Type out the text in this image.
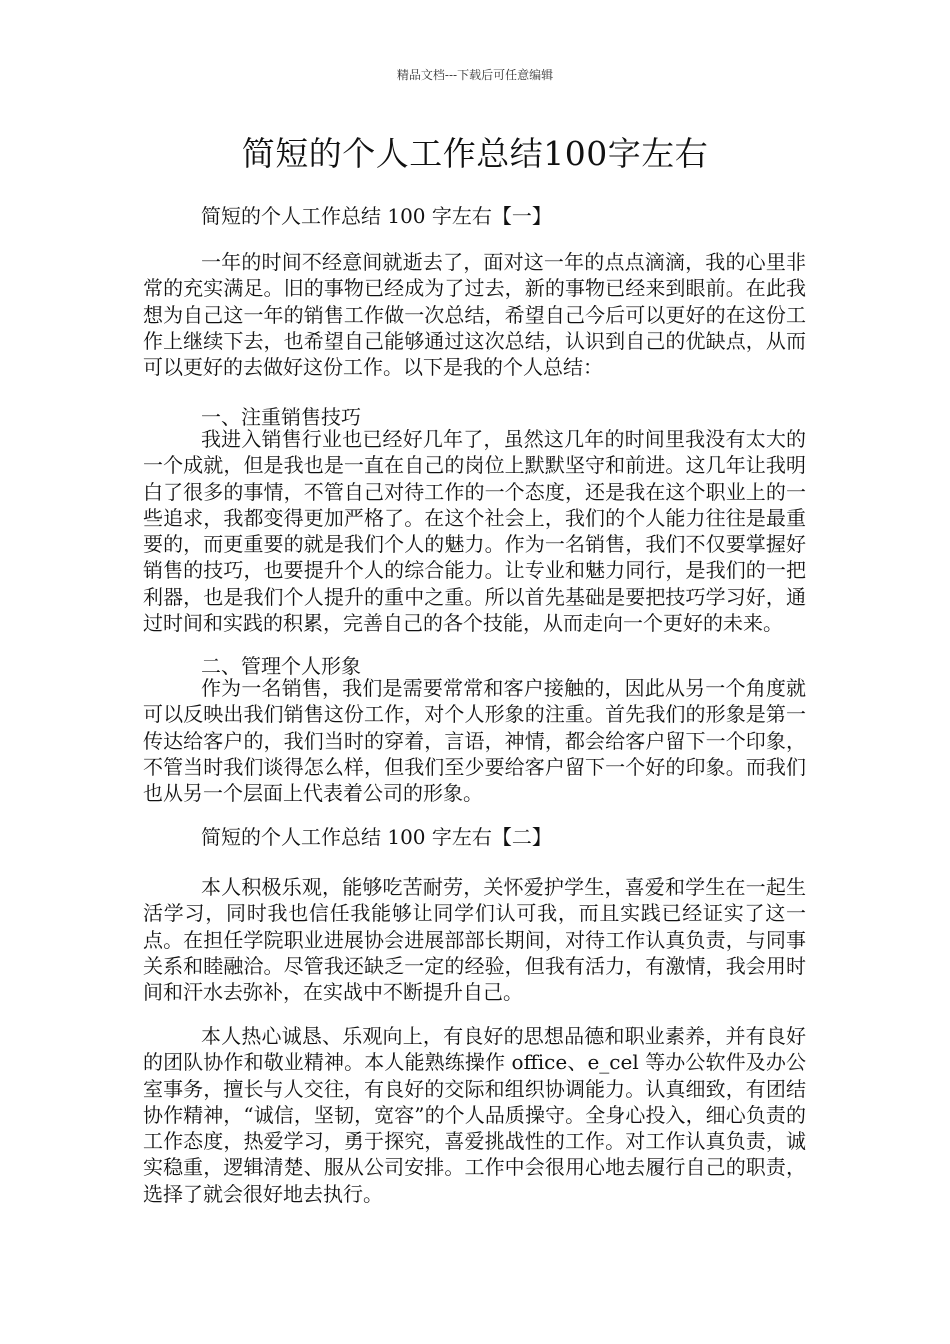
精品文档---下载后可任意编辑
简短的个人工作总结100字左右
简短的个人工作总结 100 字左右【一】
一年的时间不经意间就逝去了，面对这一年的点点滴滴，我的心里非常的充实满足。旧的事物已经成为了过去，新的事物已经来到眼前。在此我想为自己这一年的销售工作做一次总结，希望自己今后可以更好的在这份工作上继续下去，也希望自己能够通过这次总结，认识到自己的优缺点，从而可以更好的去做好这份工作。以下是我的个人总结：
一、注重销售技巧
我进入销售行业也已经好几年了，虽然这几年的时间里我没有太大的一个成就，但是我也是一直在自己的岗位上默默坚守和前进。这几年让我明白了很多的事情，不管自己对待工作的一个态度，还是我在这个职业上的一些追求，我都变得更加严格了。在这个社会上，我们的个人能力往往是最重要的，而更重要的就是我们个人的魅力。作为一名销售，我们不仅要掌握好销售的技巧，也要提升个人的综合能力。让专业和魅力同行，是我们的一把利器，也是我们个人提升的重中之重。所以首先基础是要把技巧学习好，通过时间和实践的积累，完善自己的各个技能，从而走向一个更好的未来。
二、管理个人形象
作为一名销售，我们是需要常常和客户接触的，因此从另一个角度就可以反映出我们销售这份工作，对个人形象的注重。首先我们的形象是第一传达给客户的，我们当时的穿着，言语，神情，都会给客户留下一个印象，不管当时我们谈得怎么样，但我们至少要给客户留下一个好的印象。而我们也从另一个层面上代表着公司的形象。
简短的个人工作总结 100 字左右【二】
本人积极乐观，能够吃苦耐劳，关怀爱护学生，喜爱和学生在一起生活学习，同时我也信任我能够让同学们认可我，而且实践已经证实了这一点。在担任学院职业进展协会进展部部长期间，对待工作认真负责，与同事关系和睦融洽。尽管我还缺乏一定的经验，但我有活力，有激情，我会用时间和汗水去弥补，在实战中不断提升自己。
本人热心诚恳、乐观向上，有良好的思想品德和职业素养，并有良好的团队协作和敬业精神。本人能熟练操作 office、e_cel 等办公软件及办公室事务，擅长与人交往，有良好的交际和组织协调能力。认真细致，有团结协作精神，“诚信，坚韧，宽容”的个人品质操守。全身心投入，细心负责的工作态度，热爱学习，勇于探究，喜爱挑战性的工作。对工作认真负责，诚实稳重，逻辑清楚、服从公司安排。工作中会很用心地去履行自己的职责，选择了就会很好地去执行。
